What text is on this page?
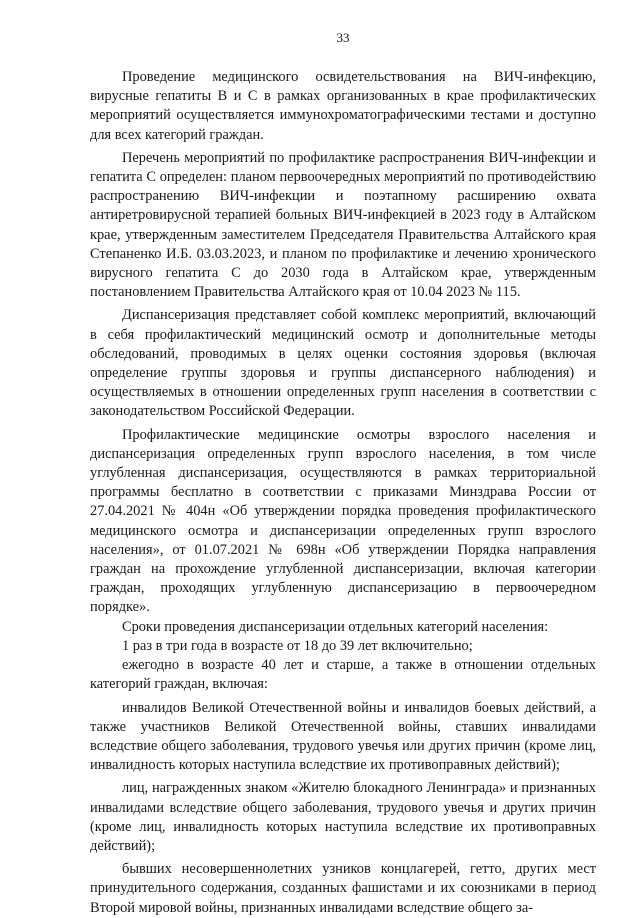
33

Проведение медицинского освидетельствования на ВИЧ-инфекцию, вирусные гепатиты В и С в рамках организованных в крае профилактических мероприятий осуществляется иммунохроматографическими тестами и доступно для всех категорий граждан.

Перечень мероприятий по профилактике распространения ВИЧ-инфекции и гепатита С определен: планом первоочередных мероприятий по противодействию распространению ВИЧ-инфекции и поэтапному расширению охвата антиретровирусной терапией больных ВИЧ-инфекцией в 2023 году в Алтайском крае, утвержденным заместителем Председателя Правительства Алтайского края Степаненко И.Б. 03.03.2023, и планом по профилактике и лечению хронического вирусного гепатита С до 2030 года в Алтайском крае, утвержденным постановлением Правительства Алтайского края от 10.04 2023 № 115.

Диспансеризация представляет собой комплекс мероприятий, включающий в себя профилактический медицинский осмотр и дополнительные методы обследований, проводимых в целях оценки состояния здоровья (включая определение группы здоровья и группы диспансерного наблюдения) и осуществляемых в отношении определенных групп населения в соответствии с законодательством Российской Федерации.

Профилактические медицинские осмотры взрослого населения и диспансеризация определенных групп взрослого населения, в том числе углубленная диспансеризация, осуществляются в рамках территориальной программы бесплатно в соответствии с приказами Минздрава России от 27.04.2021 № 404н «Об утверждении порядка проведения профилактического медицинского осмотра и диспансеризации определенных групп взрослого населения», от 01.07.2021 № 698н «Об утверждении Порядка направления граждан на прохождение углубленной диспансеризации, включая категории граждан, проходящих углубленную диспансеризацию в первоочередном порядке».

Сроки проведения диспансеризации отдельных категорий населения:

1 раз в три года в возрасте от 18 до 39 лет включительно;

ежегодно в возрасте 40 лет и старше, а также в отношении отдельных категорий граждан, включая:

инвалидов Великой Отечественной войны и инвалидов боевых действий, а также участников Великой Отечественной войны, ставших инвалидами вследствие общего заболевания, трудового увечья или других причин (кроме лиц, инвалидность которых наступила вследствие их противоправных действий);

лиц, награжденных знаком «Жителю блокадного Ленинграда» и признанных инвалидами вследствие общего заболевания, трудового увечья и других причин (кроме лиц, инвалидность которых наступила вследствие их противоправных действий);

бывших несовершеннолетних узников концлагерей, гетто, других мест принудительного содержания, созданных фашистами и их союзниками в период Второй мировой войны, признанных инвалидами вследствие общего за-
